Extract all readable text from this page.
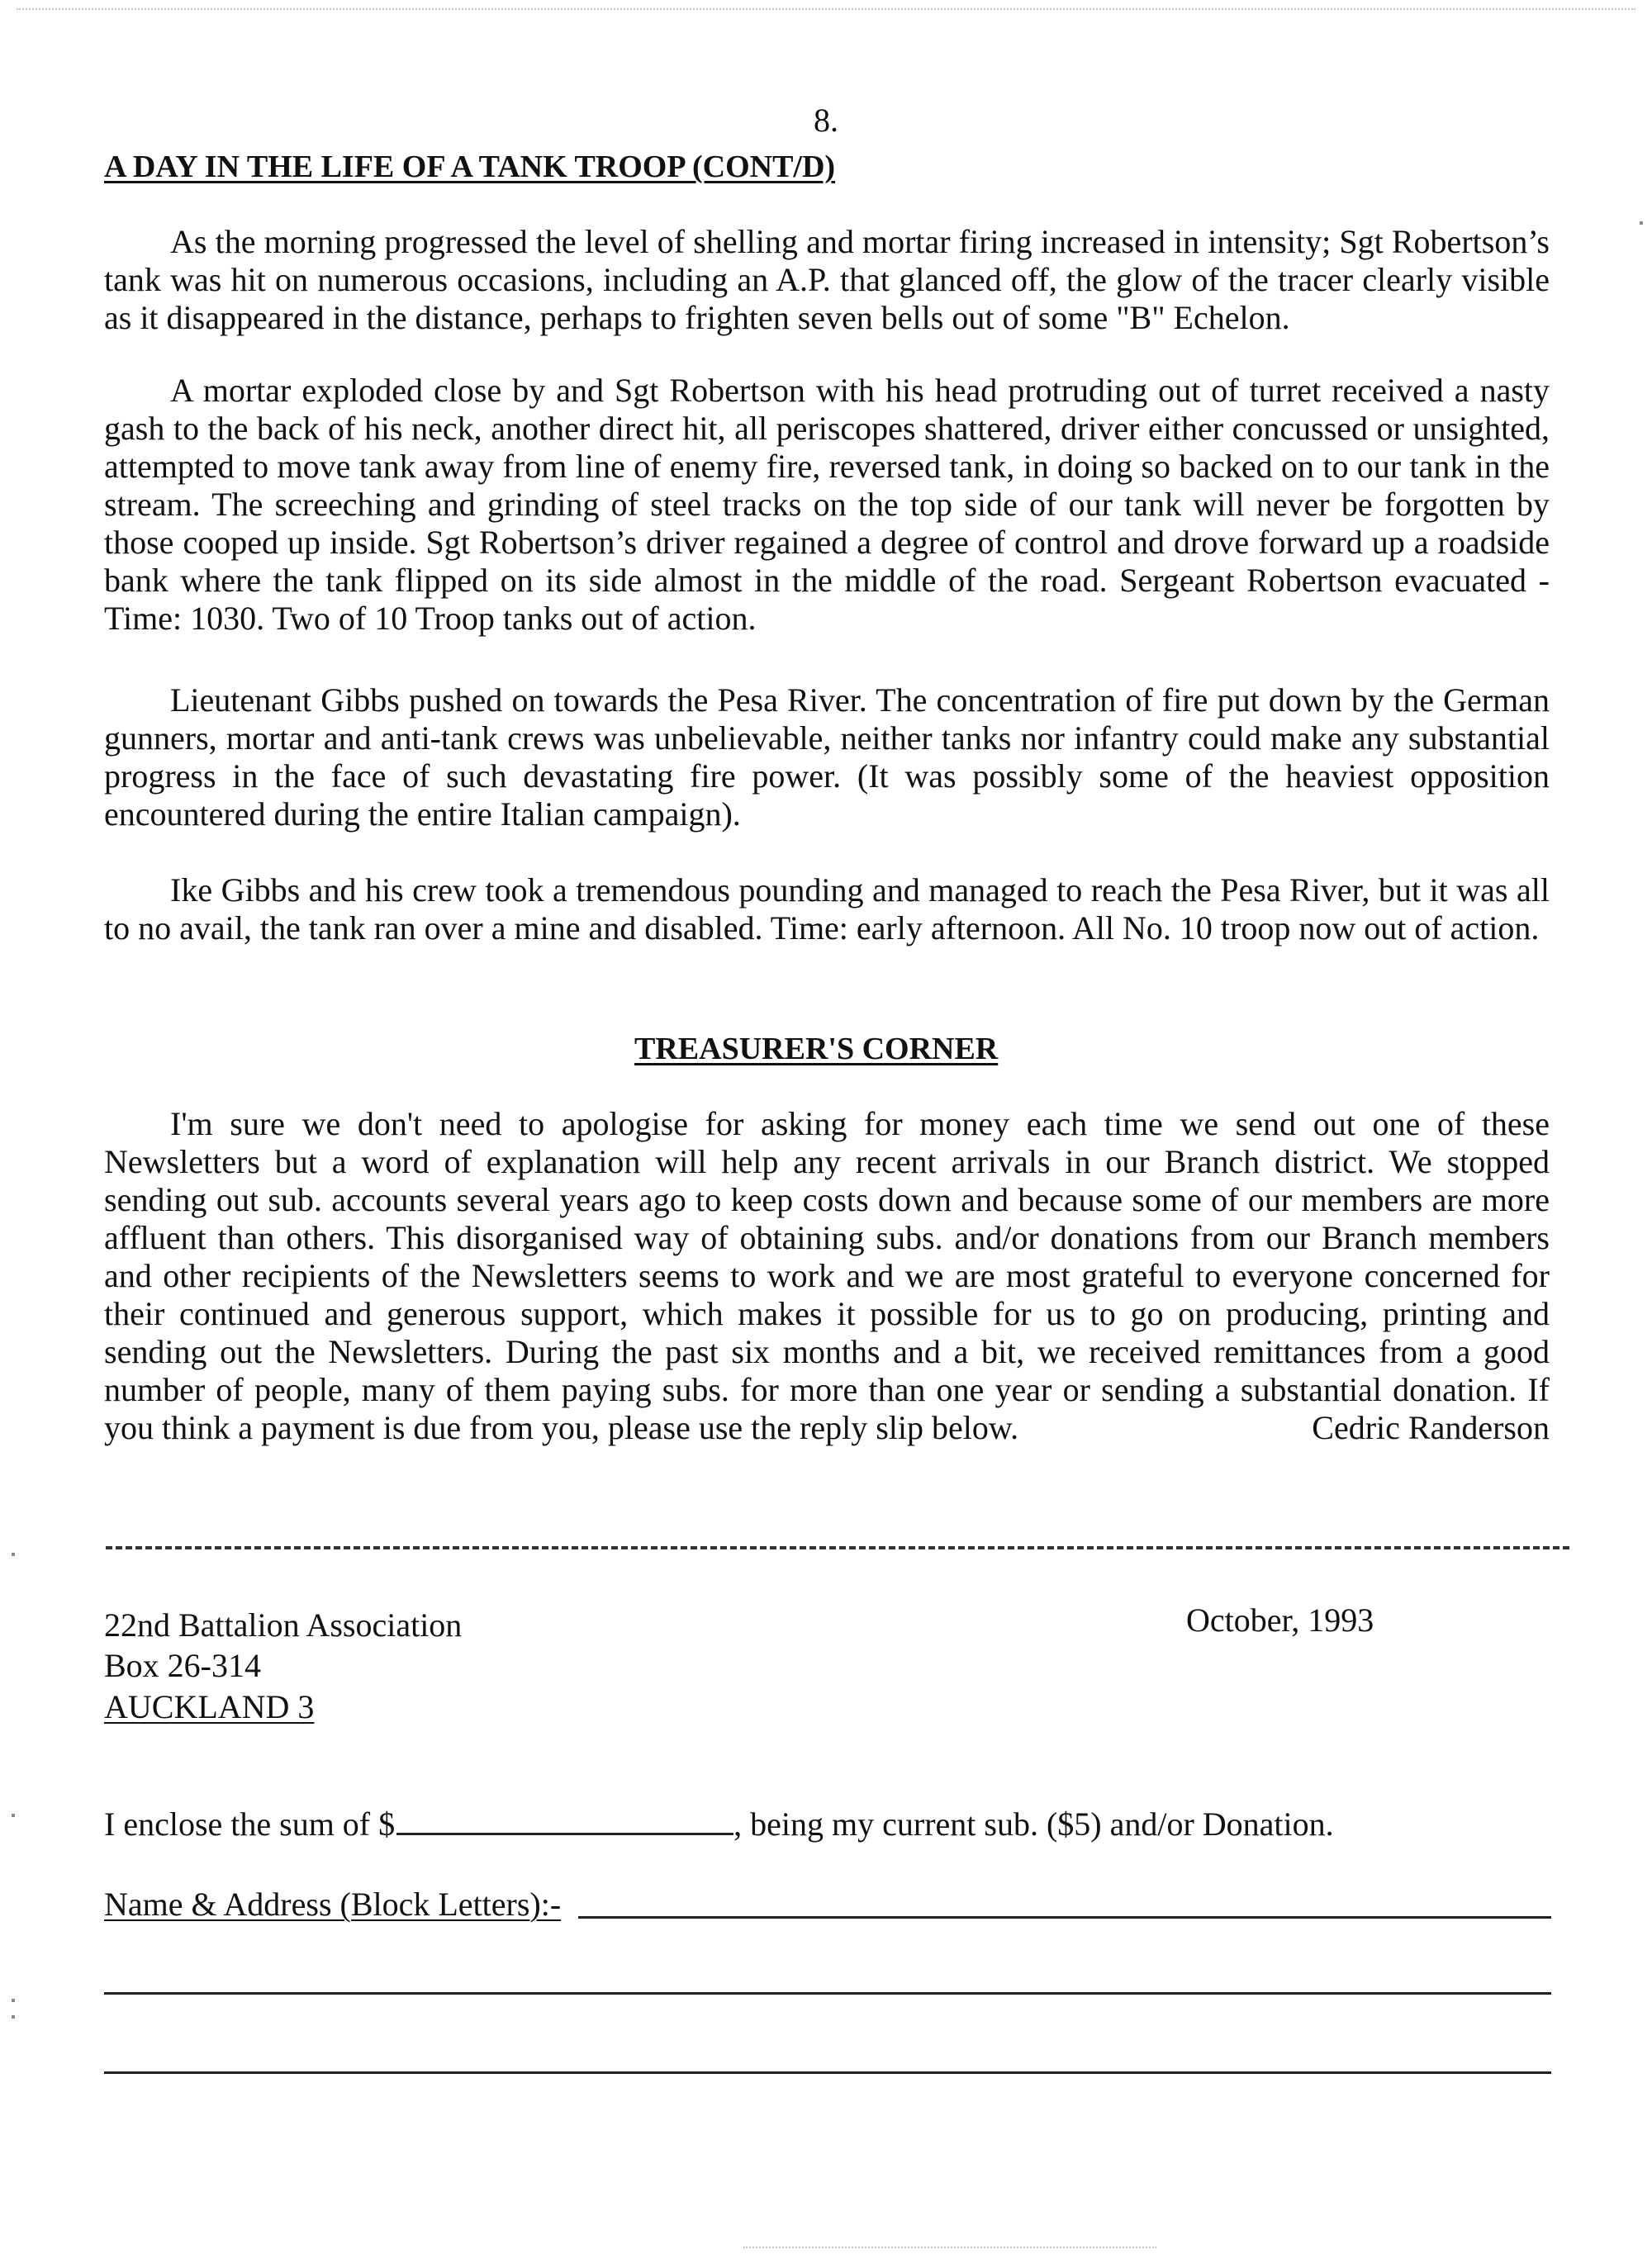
8.
A DAY IN THE LIFE OF A TANK TROOP (CONT/D)

As the morning progressed the level of shelling and mortar firing increased in intensity; Sgt Robertson’s tank was hit on numerous occasions, including an A.P. that glanced off, the glow of the tracer clearly visible as it disappeared in the distance, perhaps to frighten seven bells out of some "B" Echelon.

A mortar exploded close by and Sgt Robertson with his head protruding out of turret received a nasty gash to the back of his neck, another direct hit, all periscopes shattered, driver either concussed or unsighted, attempted to move tank away from line of enemy fire, reversed tank, in doing so backed on to our tank in the stream. The screeching and grinding of steel tracks on the top side of our tank will never be forgotten by those cooped up inside. Sgt Robertson’s driver regained a degree of control and drove forward up a roadside bank where the tank flipped on its side almost in the middle of the road. Sergeant Robertson evacuated - Time: 1030. Two of 10 Troop tanks out of action.

Lieutenant Gibbs pushed on towards the Pesa River. The concentration of fire put down by the German gunners, mortar and anti-tank crews was unbelievable, neither tanks nor infantry could make any substantial progress in the face of such devastating fire power. (It was possibly some of the heaviest opposition encountered during the entire Italian campaign).

Ike Gibbs and his crew took a tremendous pounding and managed to reach the Pesa River, but it was all to no avail, the tank ran over a mine and disabled. Time: early afternoon. All No. 10 troop now out of action.

TREASURER'S CORNER

I'm sure we don't need to apologise for asking for money each time we send out one of these Newsletters but a word of explanation will help any recent arrivals in our Branch district. We stopped sending out sub. accounts several years ago to keep costs down and because some of our members are more affluent than others. This disorganised way of obtaining subs. and/or donations from our Branch members and other recipients of the Newsletters seems to work and we are most grateful to everyone concerned for their continued and generous support, which makes it possible for us to go on producing, printing and sending out the Newsletters. During the past six months and a bit, we received remittances from a good number of people, many of them paying subs. for more than one year or sending a substantial donation. If you think a payment is due from you, please use the reply slip below.	Cedric Randerson

22nd Battalion Association	October, 1993
Box 26-314
AUCKLAND 3
I enclose the sum of $	, being my current sub. ($5) and/or Donation.
Name & Address (Block Letters):-
